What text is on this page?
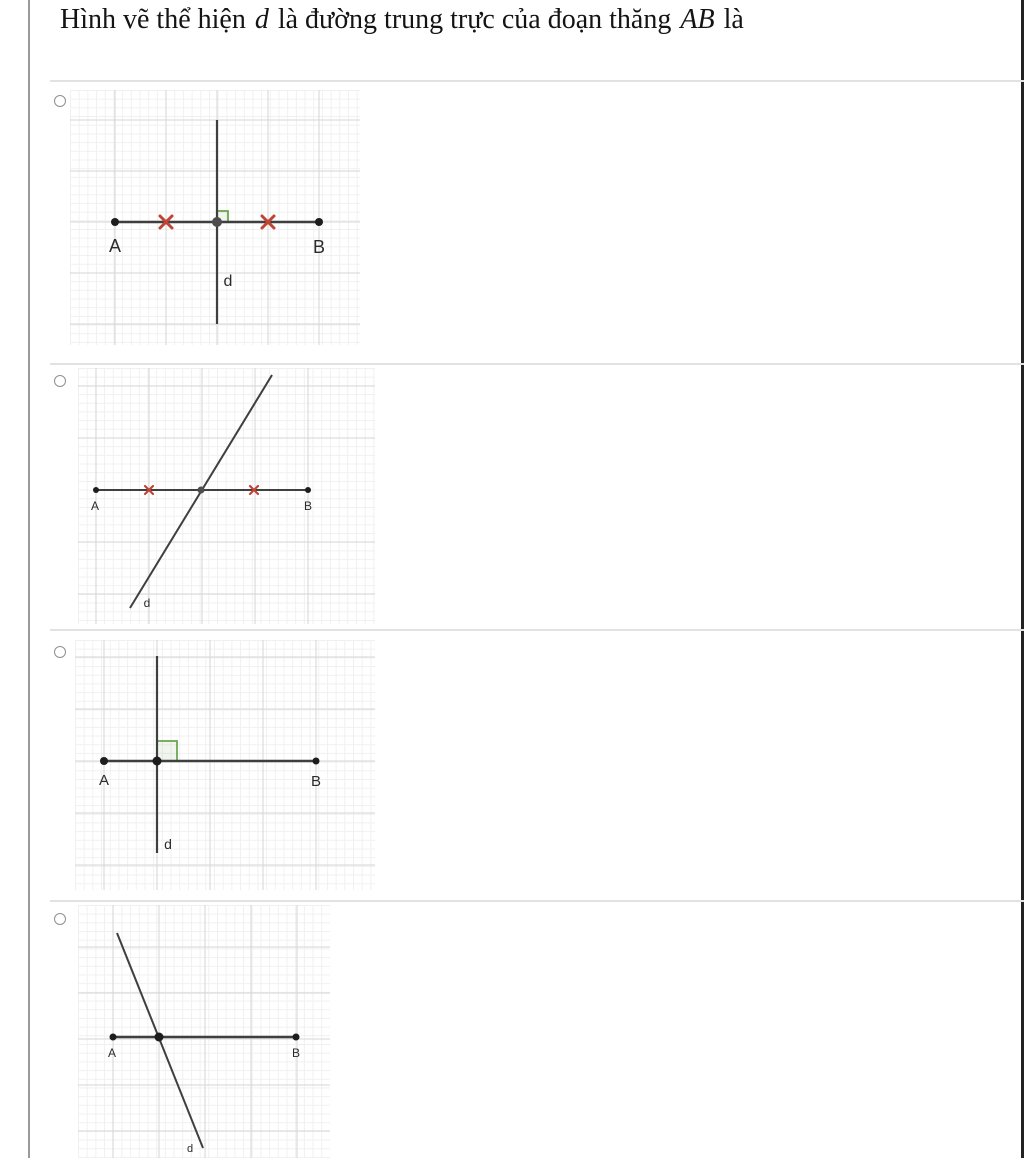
Hình vẽ thể hiện d là đường trung trực của đoạn thăng AB là
A	B
d
A	B
d
A	B
d
A	B
d
